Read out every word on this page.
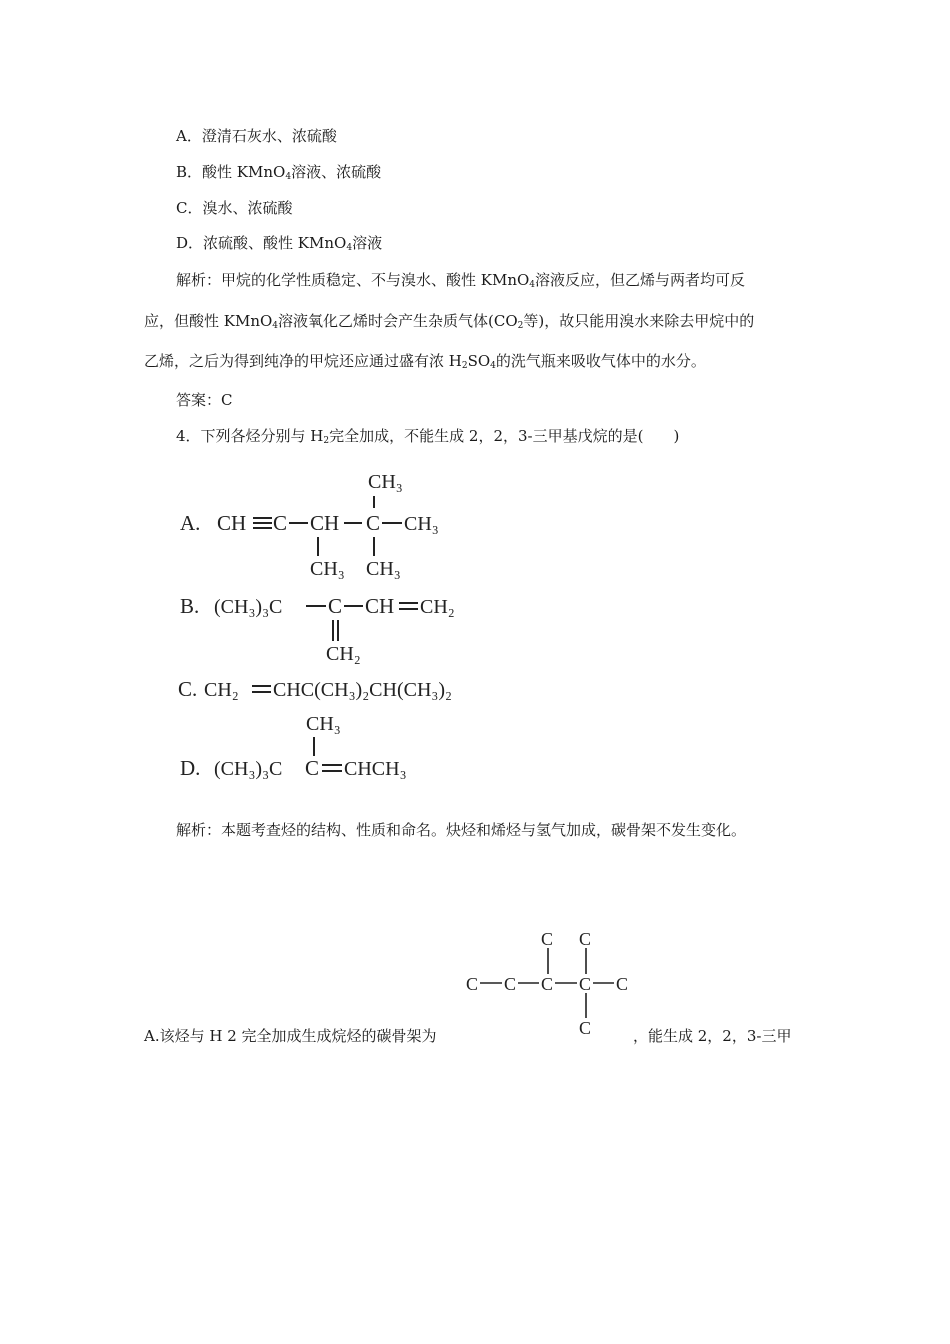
A．澄清石灰水、浓硫酸
B．酸性 KMnO$_4$溶液、浓硫酸
C．溴水、浓硫酸
D．浓硫酸、酸性 KMnO$_4$溶液
解析：甲烷的化学性质稳定、不与溴水、酸性 KMnO$_4$溶液反应，但乙烯与两者均可反
应，但酸性 KMnO$_4$溶液氧化乙烯时会产生杂质气体($CO_2$等)，故只能用溴水来除去甲烷中的
乙烯，之后为得到纯净的甲烷还应通过盛有浓 $H_2SO_4$的洗气瓶来吸收气体中的水分。
答案：C
4．下列各烃分别与 $H_2$完全加成，不能生成 2，2，3-三甲基戊烷的是(　　)
CH₃
A. CH C CH C CH₃
CH₃ CH₃
B. (CH₃)₃C C CH CH₂
CH₂
C. CH₂ CHC(CH₃)₂CH(CH₃)₂
CH₃
D. (CH₃)₃C C CHCH₃
解析：本题考查烃的结构、性质和命名。炔烃和烯烃与氢气加成，碳骨架不发生变化。
C C
C C C C C
C
A.该烃与 H 2 完全加成生成烷烃的碳骨架为	，能生成 2，2，3-三甲
